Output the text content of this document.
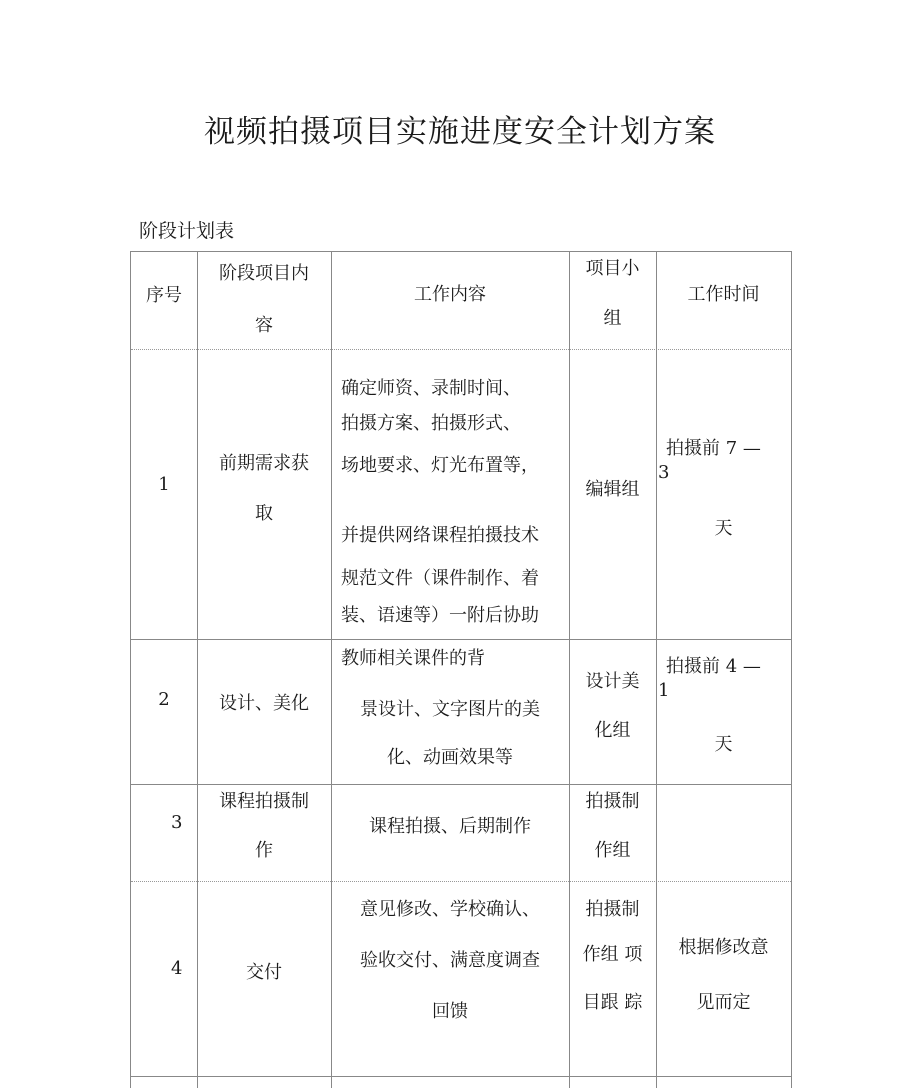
视频拍摄项目实施进度安全计划方案
阶段计划表
序号
阶段项目内
容
工作内容
项目小
组
工作时间
1
前期需求获
取
确定师资、录制时间、
拍摄方案、拍摄形式、
场地要求、灯光布置等，
并提供网络课程拍摄技术
规范文件（课件制作、着
装、语速等）一附后协助
编辑组
拍摄前 7 —
3
天
2	设计、美化
教师相关课件的背
景设计、文字图片的美
化、动画效果等
设计美
化组
拍摄前 4 —
1
天
3
课程拍摄制
作
课程拍摄、后期制作
拍摄制
作组
4	交付
意见修改、学校确认、
验收交付、满意度调查
回馈
拍摄制
作组 项
目跟 踪
根据修改意
见而定
